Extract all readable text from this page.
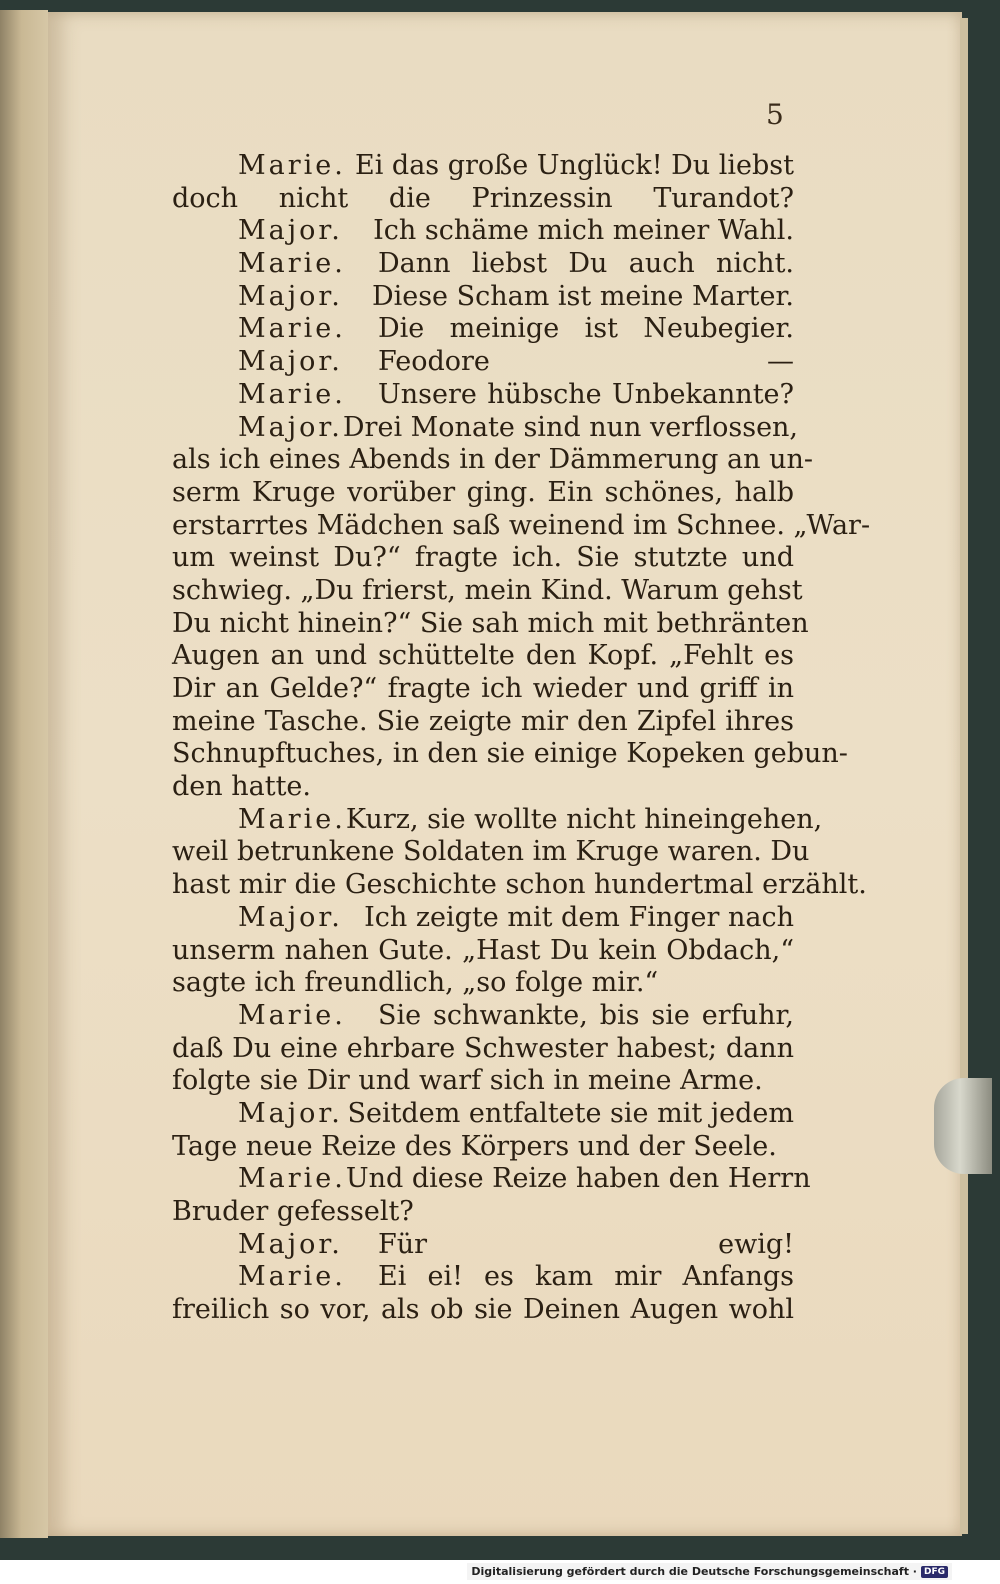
5
Marie. Ei das große Unglück! Du liebst
doch nicht die Prinzessin Turandot?
Major.	Ich schäme mich meiner Wahl.
Marie.	Dann liebst Du auch nicht.
Major.	Diese Scham ist meine Marter.
Marie.	Die meinige ist Neubegier.
Major.	Feodore —
Marie.	Unsere hübsche Unbekannte?
Major. Drei Monate sind nun verflossen,
als ich eines Abends in der Dämmerung an un-
serm Kruge vorüber ging. Ein schönes, halb
erstarrtes Mädchen saß weinend im Schnee. „War-
um weinst Du?“ fragte ich. Sie stutzte und
schwieg. „Du frierst, mein Kind. Warum gehst
Du nicht hinein?“ Sie sah mich mit bethränten
Augen an und schüttelte den Kopf. „Fehlt es
Dir an Gelde?“ fragte ich wieder und griff in
meine Tasche. Sie zeigte mir den Zipfel ihres
Schnupftuches, in den sie einige Kopeken gebun-
den hatte.
Marie. Kurz, sie wollte nicht hineingehen,
weil betrunkene Soldaten im Kruge waren. Du
hast mir die Geschichte schon hundertmal erzählt.
Major. Ich zeigte mit dem Finger nach
unserm nahen Gute. „Hast Du kein Obdach,“
sagte ich freundlich, „so folge mir.“
Marie.	Sie schwankte, bis sie erfuhr,
daß Du eine ehrbare Schwester habest; dann
folgte sie Dir und warf sich in meine Arme.
Major. Seitdem entfaltete sie mit jedem
Tage neue Reize des Körpers und der Seele.
Marie. Und diese Reize haben den Herrn
Bruder gefesselt?
Major.	Für ewig!
Marie.	Ei ei! es kam mir Anfangs
freilich so vor, als ob sie Deinen Augen wohl
Digitalisierung gefördert durch die Deutsche Forschungsgemeinschaft · DFG
